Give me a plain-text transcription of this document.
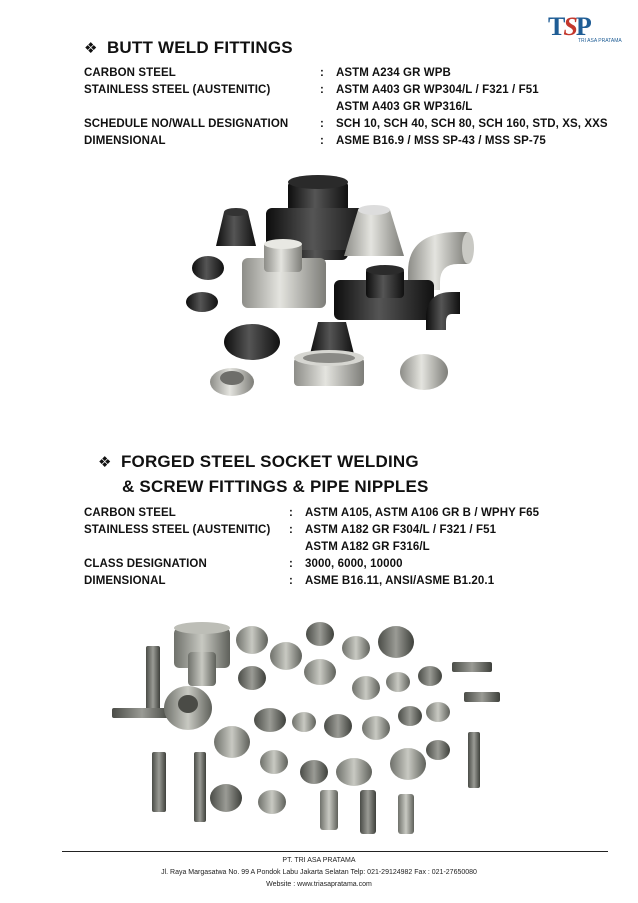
TSP
TRI ASA PRATAMA
❖ BUTT WELD FITTINGS
CARBON STEEL	:	ASTM A234 GR WPB
STAINLESS STEEL (AUSTENITIC)	:	ASTM A403 GR WP304/L / F321 / F51
ASTM A403 GR WP316/L
SCHEDULE NO/WALL DESIGNATION	:	SCH 10, SCH 40, SCH 80, SCH 160, STD, XS, XXS
DIMENSIONAL	:	ASME B16.9 / MSS SP-43 / MSS SP-75
❖ FORGED STEEL SOCKET WELDING
& SCREW FITTINGS & PIPE NIPPLES
CARBON STEEL	:	ASTM A105, ASTM A106 GR B / WPHY F65
STAINLESS STEEL (AUSTENITIC)	:	ASTM A182 GR F304/L / F321 / F51
ASTM A182 GR F316/L
CLASS DESIGNATION	:	3000, 6000, 10000
DIMENSIONAL	:	ASME B16.11, ANSI/ASME B1.20.1
PT. TRI ASA PRATAMA
Jl. Raya Margasatwa No. 99 A Pondok Labu Jakarta Selatan Telp: 021-29124982 Fax : 021-27650080
Website : www.triasapratama.com
